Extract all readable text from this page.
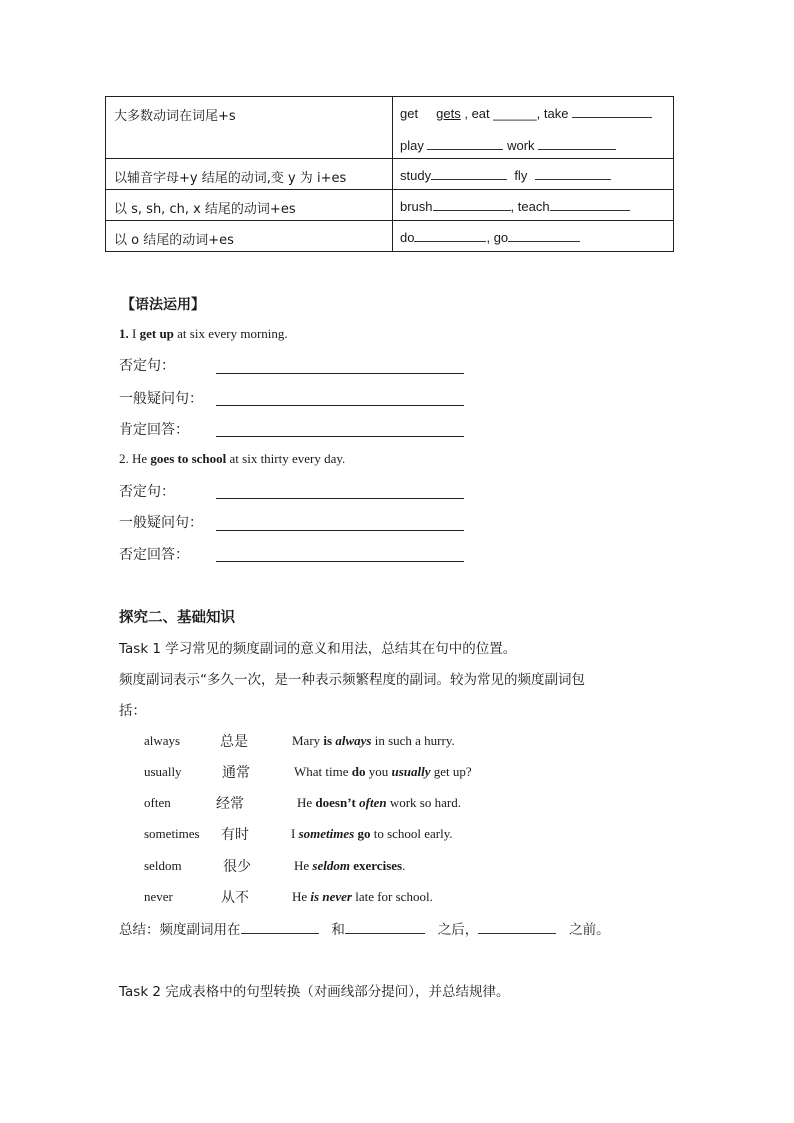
大多数动词在词尾+s	get gets , eat ______, take
play work

以辅音字母+y 结尾的动词,变 y 为 i+es	study fly
以 s, sh, ch, x 结尾的动词+es	brush , teach
以 o 结尾的动词+es	do , go
【语法运用】
1. I get up at six every morning.
否定句：
一般疑问句：
肯定回答：
2. He goes to school at six thirty every day.
否定句：
一般疑问句：
否定回答：
探究二、基础知识
Task 1 学习常见的频度副词的意义和用法，总结其在句中的位置。
频度副词表示“多久一次，是一种表示频繁程度的副词。较为常见的频度副词包
括：
always	总是	Mary is always in such a hurry.
usually	通常	What time do you usually get up?
often	经常	He doesn’t often work so hard.
sometimes 有时	I sometimes go to school early.
seldom	很少	He seldom exercises.
never	从不	He is never late for school.
总结：频度副词用在	和	之后，	之前。
Task 2 完成表格中的句型转换（对画线部分提问），并总结规律。
